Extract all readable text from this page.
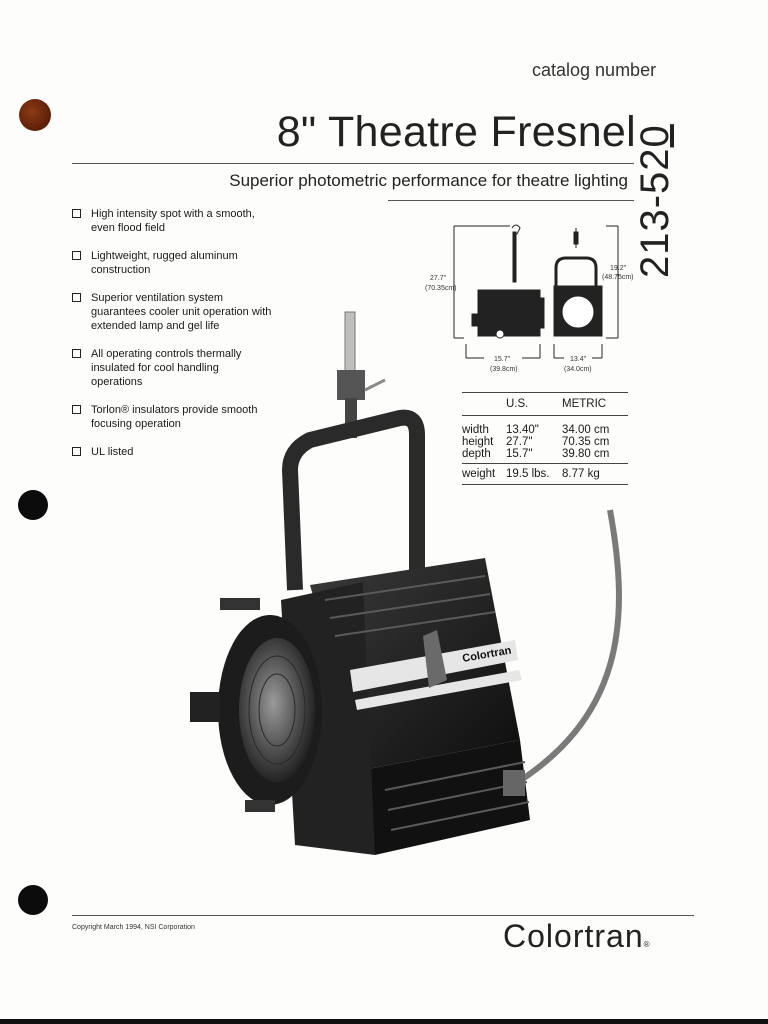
catalog number
8" Theatre Fresnel
Superior photometric performance for theatre lighting 213-520
High intensity spot with a smooth, even flood field
Lightweight, rugged aluminum construction
Superior ventilation system guarantees cooler unit operation with extended lamp and gel life
All operating controls thermally insulated for cool handling operations
Torlon® insulators provide smooth focusing operation
UL listed
27.7"
(70.35cm)
15.7"
(39.8cm)
19.2"
(48.75cm)
13.4"
(34.0cm)
	U.S.	METRIC

width	13.40"	34.00 cm
height	27.7"	70.35 cm
depth	15.7"	39.80 cm
weight	19.5 lbs.	8.77 kg
Colortran
Copyright March 1994, NSI Corporation	Colortran®
